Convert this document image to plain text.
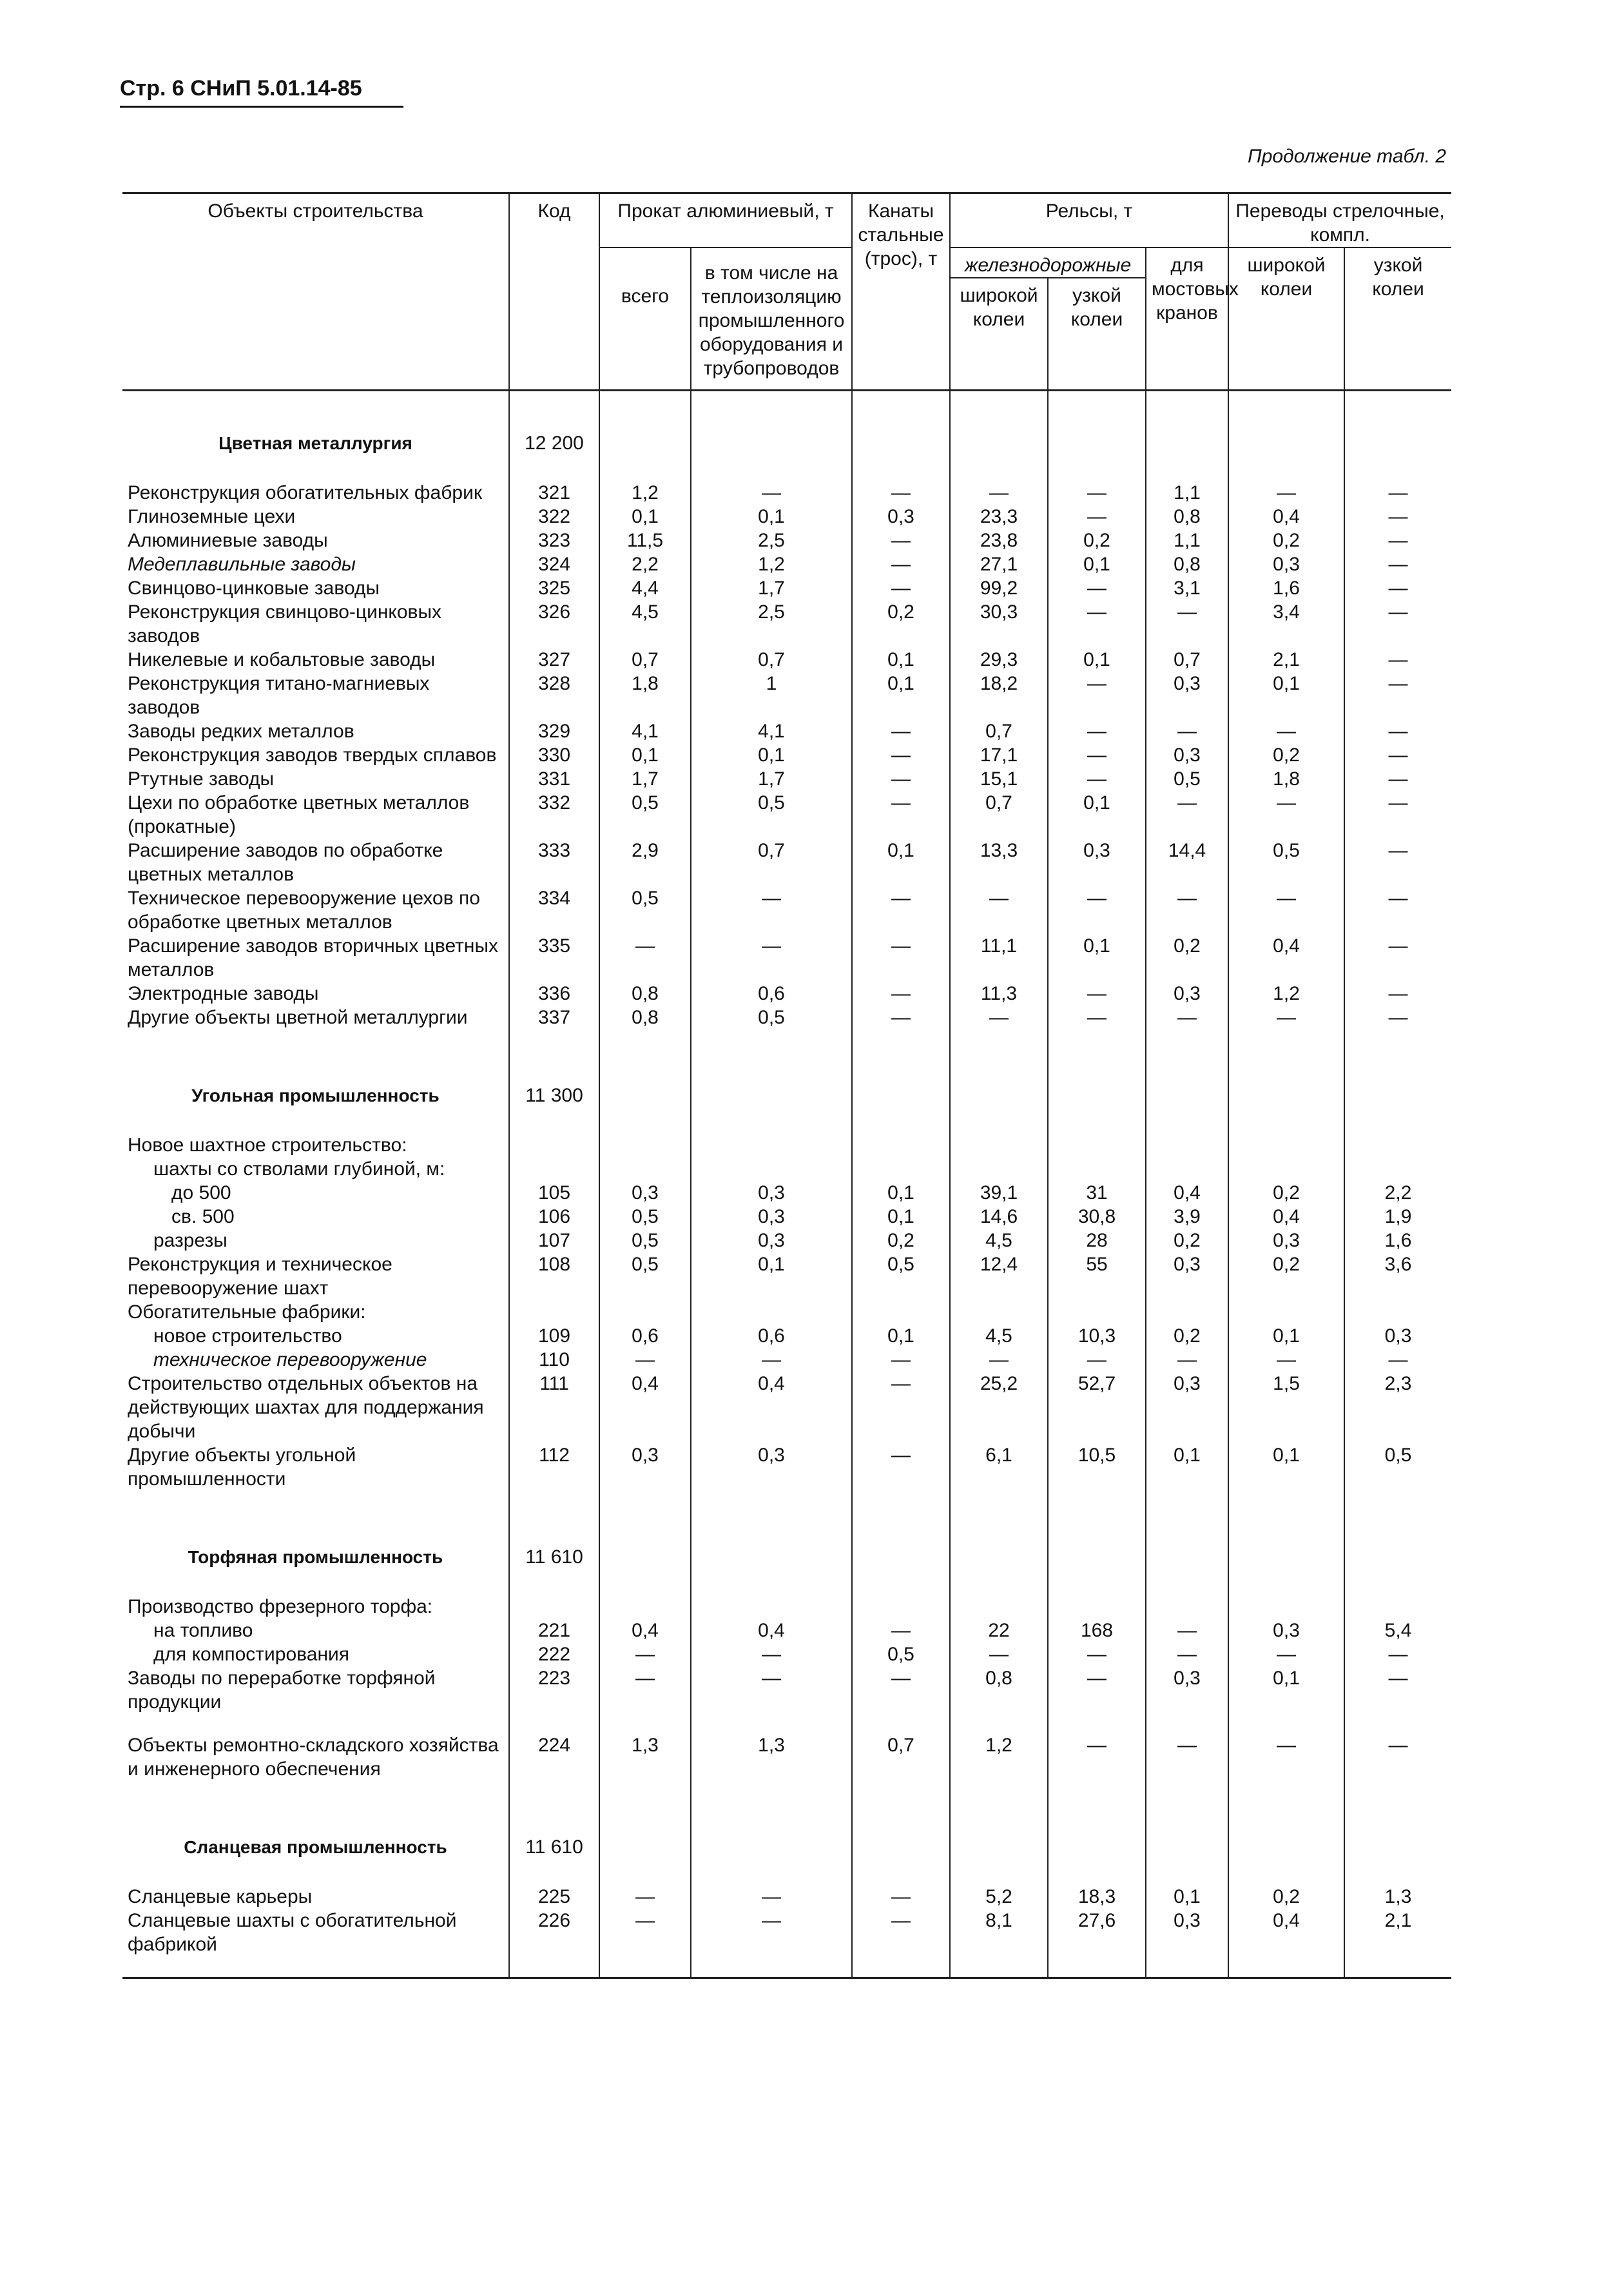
Стр. 6 СНиП 5.01.14-85
Продолжение табл. 2
Объекты строительства	Код	Прокат алюминиевый, т		Канаты стальные (трос), т	Рельсы, т			Переводы стрелочные, компл.	
		всего	в том числе на теплоизоляцию промышленного оборудования и трубопроводов		железнодорожные		для мостовых кранов	широкой колеи	узкой колеи
					широкой колеи	узкой колеи			

Цветная металлургия	12 200								
Реконструкция обогатительных фабрик	321	1,2	—	—	—	—	1,1	—	—
Глиноземные цехи	322	0,1	0,1	0,3	23,3	—	0,8	0,4	—
Алюминиевые заводы	323	11,5	2,5	—	23,8	0,2	1,1	0,2	—
Медеплавильные заводы	324	2,2	1,2	—	27,1	0,1	0,8	0,3	—
Свинцово-цинковые заводы	325	4,4	1,7	—	99,2	—	3,1	1,6	—
Реконструкция свинцово-цинковых заводов	326	4,5	2,5	0,2	30,3	—	—	3,4	—
Никелевые и кобальтовые заводы	327	0,7	0,7	0,1	29,3	0,1	0,7	2,1	—
Реконструкция титано-магниевых заводов	328	1,8	1	0,1	18,2	—	0,3	0,1	—
Заводы редких металлов	329	4,1	4,1	—	0,7	—	—	—	—
Реконструкция заводов твердых сплавов	330	0,1	0,1	—	17,1	—	0,3	0,2	—
Ртутные заводы	331	1,7	1,7	—	15,1	—	0,5	1,8	—
Цехи по обработке цветных металлов (прокатные)	332	0,5	0,5	—	0,7	0,1	—	—	—
Расширение заводов по обработке цветных металлов	333	2,9	0,7	0,1	13,3	0,3	14,4	0,5	—
Техническое перевооружение цехов по обработке цветных металлов	334	0,5	—	—	—	—	—	—	—
Расширение заводов вторичных цветных металлов	335	—	—	—	11,1	0,1	0,2	0,4	—
Электродные заводы	336	0,8	0,6	—	11,3	—	0,3	1,2	—
Другие объекты цветной металлургии	337	0,8	0,5	—	—	—	—	—	—
Угольная промышленность	11 300								
Новое шахтное строительство:									
шахты со стволами глубиной, м:									
до 500	105	0,3	0,3	0,1	39,1	31	0,4	0,2	2,2
св. 500	106	0,5	0,3	0,1	14,6	30,8	3,9	0,4	1,9
разрезы	107	0,5	0,3	0,2	4,5	28	0,2	0,3	1,6
Реконструкция и техническое перевооружение шахт	108	0,5	0,1	0,5	12,4	55	0,3	0,2	3,6
Обогатительные фабрики:									
новое строительство	109	0,6	0,6	0,1	4,5	10,3	0,2	0,1	0,3
техническое перевооружение	110	—	—	—	—	—	—	—	—
Строительство отдельных объектов на действующих шахтах для поддержания добычи	111	0,4	0,4	—	25,2	52,7	0,3	1,5	2,3
Другие объекты угольной промышленности	112	0,3	0,3	—	6,1	10,5	0,1	0,1	0,5
Торфяная промышленность	11 610								
Производство фрезерного торфа:									
на топливо	221	0,4	0,4	—	22	168	—	0,3	5,4
для компостирования	222	—	—	0,5	—	—	—	—	—
Заводы по переработке торфяной продукции	223	—	—	—	0,8	—	0,3	0,1	—
Объекты ремонтно-складского хозяйства и инженерного обеспечения	224	1,3	1,3	0,7	1,2	—	—	—	—
Сланцевая промышленность	11 610								
Сланцевые карьеры	225	—	—	—	5,2	18,3	0,1	0,2	1,3
Сланцевые шахты с обогатительной фабрикой	226	—	—	—	8,1	27,6	0,3	0,4	2,1
